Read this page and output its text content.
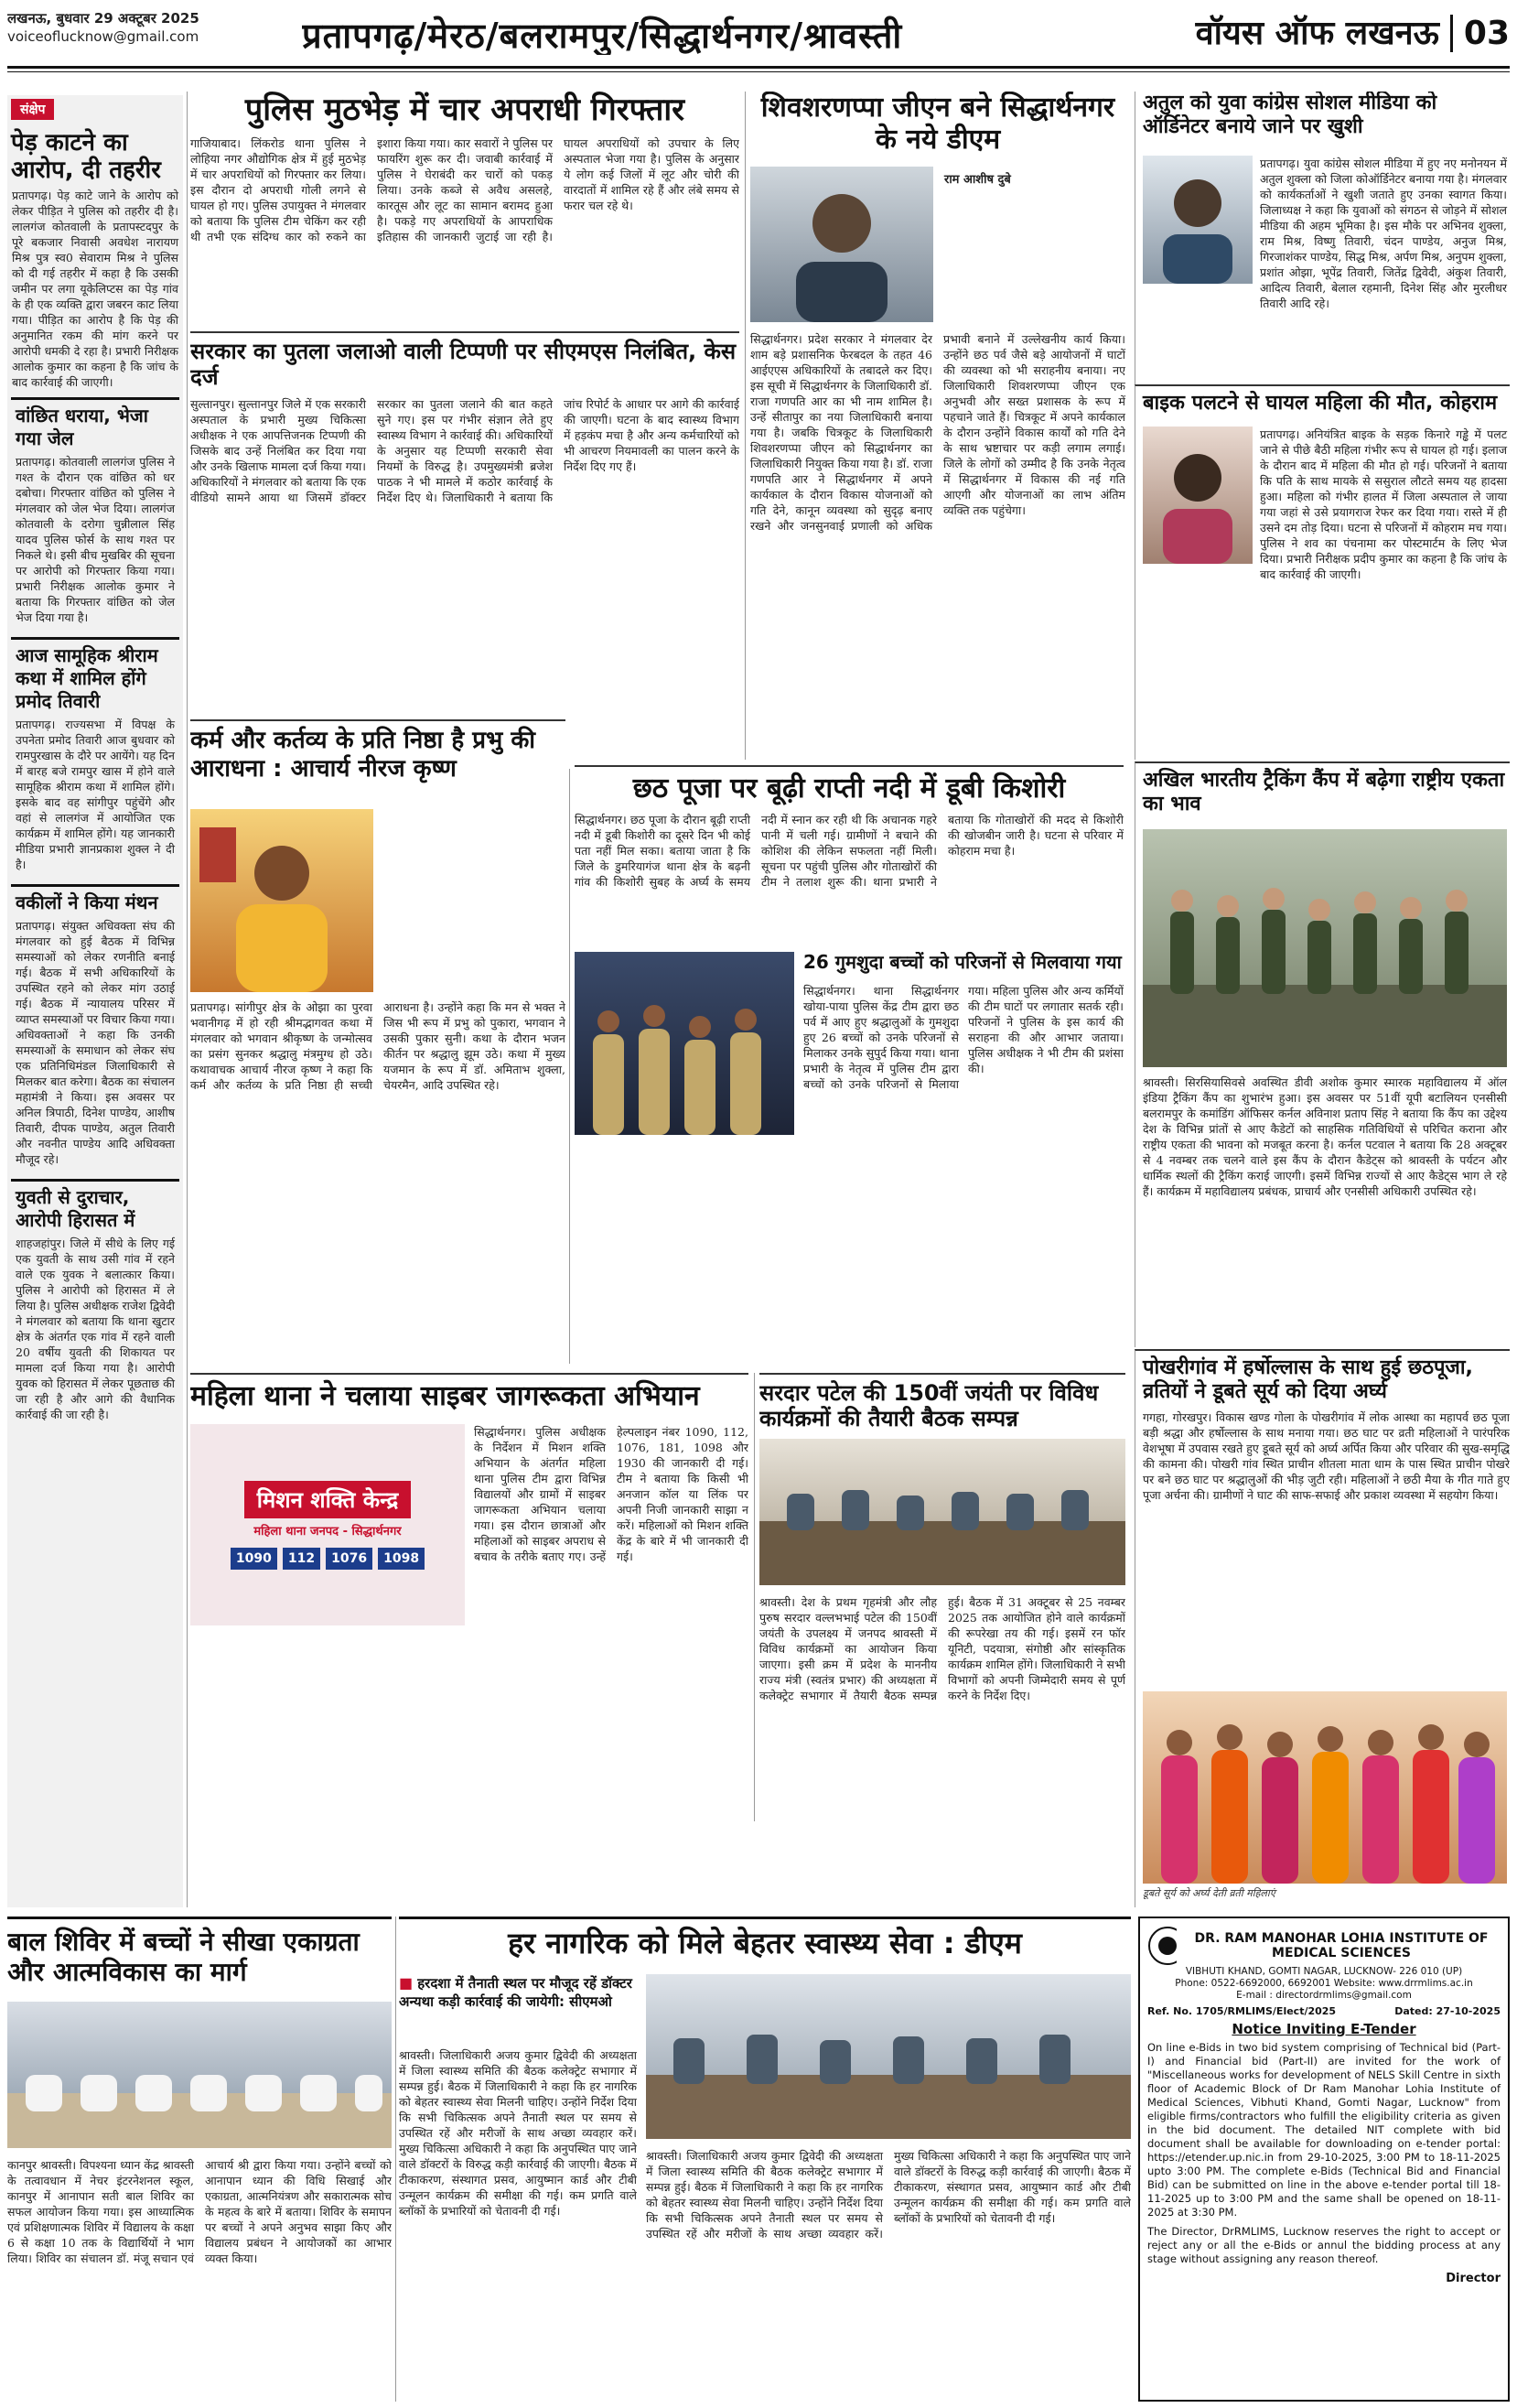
लखनऊ, बुधवार 29 अक्टूबर 2025
voiceoflucknow@gmail.com	प्रतापगढ़/मेरठ/बलरामपुर/सिद्धार्थनगर/श्रावस्ती	वॉयस ऑफ लखनऊ 03
संक्षेप
पेड़ काटने का आरोप, दी तहरीर
प्रतापगढ़। पेड़ काटे जाने के आरोप को लेकर पीड़ित ने पुलिस को तहरीर दी है। लालगंज कोतवाली के प्रतापस्टदपुर के पूरे बकजार निवासी अवधेश नारायण मिश्र पुत्र स्व0 सेवाराम मिश्र ने पुलिस को दी गई तहरीर में कहा है कि उसकी जमीन पर लगा यूकेलिप्टस का पेड़ गांव के ही एक व्यक्ति द्वारा जबरन काट लिया गया। पीड़ित का आरोप है कि पेड़ की अनुमानित रकम की मांग करने पर आरोपी धमकी दे रहा है। प्रभारी निरीक्षक आलोक कुमार का कहना है कि जांच के बाद कार्रवाई की जाएगी।
वांछित धराया, भेजा गया जेल
प्रतापगढ़। कोतवाली लालगंज पुलिस ने गश्त के दौरान एक वांछित को धर दबोचा। गिरफ्तार वांछित को पुलिस ने मंगलवार को जेल भेज दिया। लालगंज कोतवाली के दरोगा चुन्नीलाल सिंह यादव पुलिस फोर्स के साथ गश्त पर निकले थे। इसी बीच मुखबिर की सूचना पर आरोपी को गिरफ्तार किया गया। प्रभारी निरीक्षक आलोक कुमार ने बताया कि गिरफ्तार वांछित को जेल भेज दिया गया है।
आज सामूहिक श्रीराम कथा में शामिल होंगे प्रमोद तिवारी
प्रतापगढ़। राज्यसभा में विपक्ष के उपनेता प्रमोद तिवारी आज बुधवार को रामपुरखास के दौरे पर आयेंगे। यह दिन में बारह बजे रामपुर खास में होने वाले सामूहिक श्रीराम कथा में शामिल होंगे। इसके बाद वह सांगीपुर पहुंचेंगे और वहां से लालगंज में आयोजित एक कार्यक्रम में शामिल होंगे। यह जानकारी मीडिया प्रभारी ज्ञानप्रकाश शुक्ल ने दी है।
वकीलों ने किया मंथन
प्रतापगढ़। संयुक्त अधिवक्ता संघ की मंगलवार को हुई बैठक में विभिन्न समस्याओं को लेकर रणनीति बनाई गई। बैठक में सभी अधिकारियों के उपस्थित रहने को लेकर मांग उठाई गई। बैठक में न्यायालय परिसर में व्याप्त समस्याओं पर विचार किया गया। अधिवक्ताओं ने कहा कि उनकी समस्याओं के समाधान को लेकर संघ एक प्रतिनिधिमंडल जिलाधिकारी से मिलकर बात करेगा। बैठक का संचालन महामंत्री ने किया। इस अवसर पर अनिल त्रिपाठी, दिनेश पाण्डेय, आशीष तिवारी, दीपक पाण्डेय, अतुल तिवारी और नवनीत पाण्डेय आदि अधिवक्ता मौजूद रहे।
युवती से दुराचार, आरोपी हिरासत में
शाहजहांपुर। जिले में सीधे के लिए गई एक युवती के साथ उसी गांव में रहने वाले एक युवक ने बलात्कार किया। पुलिस ने आरोपी को हिरासत में ले लिया है। पुलिस अधीक्षक राजेश द्विवेदी ने मंगलवार को बताया कि थाना खुटार क्षेत्र के अंतर्गत एक गांव में रहने वाली 20 वर्षीय युवती की शिकायत पर मामला दर्ज किया गया है। आरोपी युवक को हिरासत में लेकर पूछताछ की जा रही है और आगे की वैधानिक कार्रवाई की जा रही है।
पुलिस मुठभेड़ में चार अपराधी गिरफ्तार
गाजियाबाद। लिंकरोड थाना पुलिस ने लोहिया नगर औद्योगिक क्षेत्र में हुई मुठभेड़ में चार अपराधियों को गिरफ्तार कर लिया। इस दौरान दो अपराधी गोली लगने से घायल हो गए। पुलिस उपायुक्त ने मंगलवार को बताया कि पुलिस टीम चेकिंग कर रही थी तभी एक संदिग्ध कार को रुकने का इशारा किया गया। कार सवारों ने पुलिस पर फायरिंग शुरू कर दी। जवाबी कार्रवाई में पुलिस ने घेराबंदी कर चारों को पकड़ लिया। उनके कब्जे से अवैध असलहे, कारतूस और लूट का सामान बरामद हुआ है। पकड़े गए अपराधियों के आपराधिक इतिहास की जानकारी जुटाई जा रही है। घायल अपराधियों को उपचार के लिए अस्पताल भेजा गया है। पुलिस के अनुसार ये लोग कई जिलों में लूट और चोरी की वारदातों में शामिल रहे हैं और लंबे समय से फरार चल रहे थे।
सरकार का पुतला जलाओ वाली टिप्पणी पर सीएमएस निलंबित, केस दर्ज
सुल्तानपुर। सुल्तानपुर जिले में एक सरकारी अस्पताल के प्रभारी मुख्य चिकित्सा अधीक्षक ने एक आपत्तिजनक टिप्पणी की जिसके बाद उन्हें निलंबित कर दिया गया और उनके खिलाफ मामला दर्ज किया गया। अधिकारियों ने मंगलवार को बताया कि एक वीडियो सामने आया था जिसमें डॉक्टर सरकार का पुतला जलाने की बात कहते सुने गए। इस पर गंभीर संज्ञान लेते हुए स्वास्थ्य विभाग ने कार्रवाई की। अधिकारियों के अनुसार यह टिप्पणी सरकारी सेवा नियमों के विरुद्ध है। उपमुख्यमंत्री ब्रजेश पाठक ने भी मामले में कठोर कार्रवाई के निर्देश दिए थे। जिलाधिकारी ने बताया कि जांच रिपोर्ट के आधार पर आगे की कार्रवाई की जाएगी। घटना के बाद स्वास्थ्य विभाग में हड़कंप मचा है और अन्य कर्मचारियों को भी आचरण नियमावली का पालन करने के निर्देश दिए गए हैं।
शिवशरणप्पा जीएन बने सिद्धार्थनगर के नये डीएम
राम आशीष दुबे
सिद्धार्थनगर। प्रदेश सरकार ने मंगलवार देर शाम बड़े प्रशासनिक फेरबदल के तहत 46 आईएएस अधिकारियों के तबादले कर दिए। इस सूची में सिद्धार्थनगर के जिलाधिकारी डॉ. राजा गणपति आर का भी नाम शामिल है। उन्हें सीतापुर का नया जिलाधिकारी बनाया गया है। जबकि चित्रकूट के जिलाधिकारी शिवशरणप्पा जीएन को सिद्धार्थनगर का जिलाधिकारी नियुक्त किया गया है। डॉ. राजा गणपति आर ने सिद्धार्थनगर में अपने कार्यकाल के दौरान विकास योजनाओं को गति देने, कानून व्यवस्था को सुदृढ़ बनाए रखने और जनसुनवाई प्रणाली को अधिक प्रभावी बनाने में उल्लेखनीय कार्य किया। उन्होंने छठ पर्व जैसे बड़े आयोजनों में घाटों की व्यवस्था को भी सराहनीय बनाया। नए जिलाधिकारी शिवशरणप्पा जीएन एक अनुभवी और सख्त प्रशासक के रूप में पहचाने जाते हैं। चित्रकूट में अपने कार्यकाल के दौरान उन्होंने विकास कार्यों को गति देने के साथ भ्रष्टाचार पर कड़ी लगाम लगाई। जिले के लोगों को उम्मीद है कि उनके नेतृत्व में सिद्धार्थनगर में विकास की नई गति आएगी और योजनाओं का लाभ अंतिम व्यक्ति तक पहुंचेगा।
अतुल को युवा कांग्रेस सोशल मीडिया को ऑर्डिनेटर बनाये जाने पर खुशी
प्रतापगढ़। युवा कांग्रेस सोशल मीडिया में हुए नए मनोनयन में अतुल शुक्ला को जिला कोऑर्डिनेटर बनाया गया है। मंगलवार को कार्यकर्ताओं ने खुशी जताते हुए उनका स्वागत किया। जिलाध्यक्ष ने कहा कि युवाओं को संगठन से जोड़ने में सोशल मीडिया की अहम भूमिका है। इस मौके पर अभिनव शुक्ला, राम मिश्र, विष्णु तिवारी, चंदन पाण्डेय, अनुज मिश्र, गिरजाशंकर पाण्डेय, सिद्ध मिश्र, अर्पण मिश्र, अनुपम शुक्ला, प्रशांत ओझा, भूपेंद्र तिवारी, जितेंद्र द्विवेदी, अंकुश तिवारी, आदित्य तिवारी, बेलाल रहमानी, दिनेश सिंह और मुरलीधर तिवारी आदि रहे।
बाइक पलटने से घायल महिला की मौत, कोहराम
प्रतापगढ़। अनियंत्रित बाइक के सड़क किनारे गड्ढे में पलट जाने से पीछे बैठी महिला गंभीर रूप से घायल हो गई। इलाज के दौरान बाद में महिला की मौत हो गई। परिजनों ने बताया कि पति के साथ मायके से ससुराल लौटते समय यह हादसा हुआ। महिला को गंभीर हालत में जिला अस्पताल ले जाया गया जहां से उसे प्रयागराज रेफर कर दिया गया। रास्ते में ही उसने दम तोड़ दिया। घटना से परिजनों में कोहराम मच गया। पुलिस ने शव का पंचनामा कर पोस्टमार्टम के लिए भेज दिया। प्रभारी निरीक्षक प्रदीप कुमार का कहना है कि जांच के बाद कार्रवाई की जाएगी।
अखिल भारतीय ट्रैकिंग कैंप में बढ़ेगा राष्ट्रीय एकता का भाव
श्रावस्ती। सिरसियासिवसे अवस्थित डीवी अशोक कुमार स्मारक महाविद्यालय में ऑल इंडिया ट्रैकिंग कैंप का शुभारंभ हुआ। इस अवसर पर 51वीं यूपी बटालियन एनसीसी बलरामपुर के कमांडिंग ऑफिसर कर्नल अविनाश प्रताप सिंह ने बताया कि कैंप का उद्देश्य देश के विभिन्न प्रांतों से आए कैडेटों को साहसिक गतिविधियों से परिचित कराना और राष्ट्रीय एकता की भावना को मजबूत करना है। कर्नल पटवाल ने बताया कि 28 अक्टूबर से 4 नवम्बर तक चलने वाले इस कैंप के दौरान कैडेट्स को श्रावस्ती के पर्यटन और धार्मिक स्थलों की ट्रैकिंग कराई जाएगी। इसमें विभिन्न राज्यों से आए कैडेट्स भाग ले रहे हैं। कार्यक्रम में महाविद्यालय प्रबंधक, प्राचार्य और एनसीसी अधिकारी उपस्थित रहे।
पोखरीगांव में हर्षोल्लास के साथ हुई छठपूजा, व्रतियों ने डूबते सूर्य को दिया अर्घ्य
गगहा, गोरखपुर। विकास खण्ड गोला के पोखरीगांव में लोक आस्था का महापर्व छठ पूजा बड़ी श्रद्धा और हर्षोल्लास के साथ मनाया गया। छठ घाट पर व्रती महिलाओं ने पारंपरिक वेशभूषा में उपवास रखते हुए डूबते सूर्य को अर्घ्य अर्पित किया और परिवार की सुख-समृद्धि की कामना की। पोखरी गांव स्थित प्राचीन शीतला माता धाम के पास स्थित प्राचीन पोखरे पर बने छठ घाट पर श्रद्धालुओं की भीड़ जुटी रही। महिलाओं ने छठी मैया के गीत गाते हुए पूजा अर्चना की। ग्रामीणों ने घाट की साफ-सफाई और प्रकाश व्यवस्था में सहयोग किया।
डूबते सूर्य को अर्घ्य देती व्रती महिलाएं
कर्म और कर्तव्य के प्रति निष्ठा है प्रभु की आराधना : आचार्य नीरज कृष्ण
प्रतापगढ़। सांगीपुर क्षेत्र के ओझा का पुरवा भवानीगढ़ में हो रही श्रीमद्भागवत कथा में मंगलवार को भगवान श्रीकृष्ण के जन्मोत्सव का प्रसंग सुनकर श्रद्धालु मंत्रमुग्ध हो उठे। कथावाचक आचार्य नीरज कृष्ण ने कहा कि कर्म और कर्तव्य के प्रति निष्ठा ही सच्ची आराधना है। उन्होंने कहा कि मन से भक्त ने जिस भी रूप में प्रभु को पुकारा, भगवान ने उसकी पुकार सुनी। कथा के दौरान भजन कीर्तन पर श्रद्धालु झूम उठे। कथा में मुख्य यजमान के रूप में डॉ. अमिताभ शुक्ला, चेयरमैन, आदि उपस्थित रहे।
छठ पूजा पर बूढ़ी राप्ती नदी में डूबी किशोरी
सिद्धार्थनगर। छठ पूजा के दौरान बूढ़ी राप्ती नदी में डूबी किशोरी का दूसरे दिन भी कोई पता नहीं मिल सका। बताया जाता है कि जिले के डुमरियागंज थाना क्षेत्र के बढ़नी गांव की किशोरी सुबह के अर्घ्य के समय नदी में स्नान कर रही थी कि अचानक गहरे पानी में चली गई। ग्रामीणों ने बचाने की कोशिश की लेकिन सफलता नहीं मिली। सूचना पर पहुंची पुलिस और गोताखोरों की टीम ने तलाश शुरू की। थाना प्रभारी ने बताया कि गोताखोरों की मदद से किशोरी की खोजबीन जारी है। घटना से परिवार में कोहराम मचा है।
26 गुमशुदा बच्चों को परिजनों से मिलवाया गया
सिद्धार्थनगर। थाना सिद्धार्थनगर खोया-पाया पुलिस केंद्र टीम द्वारा छठ पर्व में आए हुए श्रद्धालुओं के गुमशुदा हुए 26 बच्चों को उनके परिजनों से मिलाकर उनके सुपुर्द किया गया। थाना प्रभारी के नेतृत्व में पुलिस टीम द्वारा बच्चों को उनके परिजनों से मिलाया गया। महिला पुलिस और अन्य कर्मियों की टीम घाटों पर लगातार सतर्क रही। परिजनों ने पुलिस के इस कार्य की सराहना की और आभार जताया। पुलिस अधीक्षक ने भी टीम की प्रशंसा की।
महिला थाना ने चलाया साइबर जागरूकता अभियान
मिशन शक्ति केन्द्र
महिला थाना जनपद - सिद्धार्थनगर
1090	112	1076	1098
सिद्धार्थनगर। पुलिस अधीक्षक के निर्देशन में मिशन शक्ति अभियान के अंतर्गत महिला थाना पुलिस टीम द्वारा विभिन्न विद्यालयों और ग्रामों में साइबर जागरूकता अभियान चलाया गया। इस दौरान छात्राओं और महिलाओं को साइबर अपराध से बचाव के तरीके बताए गए। उन्हें हेल्पलाइन नंबर 1090, 112, 1076, 181, 1098 और 1930 की जानकारी दी गई। टीम ने बताया कि किसी भी अनजान कॉल या लिंक पर अपनी निजी जानकारी साझा न करें। महिलाओं को मिशन शक्ति केंद्र के बारे में भी जानकारी दी गई।
सरदार पटेल की 150वीं जयंती पर विविध कार्यक्रमों की तैयारी बैठक सम्पन्न
श्रावस्ती। देश के प्रथम गृहमंत्री और लौह पुरुष सरदार वल्लभभाई पटेल की 150वीं जयंती के उपलक्ष्य में जनपद श्रावस्ती में विविध कार्यक्रमों का आयोजन किया जाएगा। इसी क्रम में प्रदेश के माननीय राज्य मंत्री (स्वतंत्र प्रभार) की अध्यक्षता में कलेक्ट्रेट सभागार में तैयारी बैठक सम्पन्न हुई। बैठक में 31 अक्टूबर से 25 नवम्बर 2025 तक आयोजित होने वाले कार्यक्रमों की रूपरेखा तय की गई। इसमें रन फॉर यूनिटी, पदयात्रा, संगोष्ठी और सांस्कृतिक कार्यक्रम शामिल होंगे। जिलाधिकारी ने सभी विभागों को अपनी जिम्मेदारी समय से पूर्ण करने के निर्देश दिए।
बाल शिविर में बच्चों ने सीखा एकाग्रता और आत्मविकास का मार्ग
कानपुर श्रावस्ती। विपश्यना ध्यान केंद्र श्रावस्ती के तत्वावधान में नेचर इंटरनेशनल स्कूल, कानपुर में आनापान सती बाल शिविर का सफल आयोजन किया गया। इस आध्यात्मिक एवं प्रशिक्षणात्मक शिविर में विद्यालय के कक्षा 6 से कक्षा 10 तक के विद्यार्थियों ने भाग लिया। शिविर का संचालन डॉ. मंजू सचान एवं आचार्य श्री द्वारा किया गया। उन्होंने बच्चों को आनापान ध्यान की विधि सिखाई और एकाग्रता, आत्मनियंत्रण और सकारात्मक सोच के महत्व के बारे में बताया। शिविर के समापन पर बच्चों ने अपने अनुभव साझा किए और विद्यालय प्रबंधन ने आयोजकों का आभार व्यक्त किया।
हर नागरिक को मिले बेहतर स्वास्थ्य सेवा : डीएम
■ हरदशा में तैनाती स्थल पर मौजूद रहें डॉक्टर अन्यथा कड़ी कार्रवाई की जायेगी: सीएमओ
श्रावस्ती। जिलाधिकारी अजय कुमार द्विवेदी की अध्यक्षता में जिला स्वास्थ्य समिति की बैठक कलेक्ट्रेट सभागार में सम्पन्न हुई। बैठक में जिलाधिकारी ने कहा कि हर नागरिक को बेहतर स्वास्थ्य सेवा मिलनी चाहिए। उन्होंने निर्देश दिया कि सभी चिकित्सक अपने तैनाती स्थल पर समय से उपस्थित रहें और मरीजों के साथ अच्छा व्यवहार करें। मुख्य चिकित्सा अधिकारी ने कहा कि अनुपस्थित पाए जाने वाले डॉक्टरों के विरुद्ध कड़ी कार्रवाई की जाएगी। बैठक में टीकाकरण, संस्थागत प्रसव, आयुष्मान कार्ड और टीबी उन्मूलन कार्यक्रम की समीक्षा की गई। कम प्रगति वाले ब्लॉकों के प्रभारियों को चेतावनी दी गई।
श्रावस्ती। जिलाधिकारी अजय कुमार द्विवेदी की अध्यक्षता में जिला स्वास्थ्य समिति की बैठक कलेक्ट्रेट सभागार में सम्पन्न हुई। बैठक में जिलाधिकारी ने कहा कि हर नागरिक को बेहतर स्वास्थ्य सेवा मिलनी चाहिए। उन्होंने निर्देश दिया कि सभी चिकित्सक अपने तैनाती स्थल पर समय से उपस्थित रहें और मरीजों के साथ अच्छा व्यवहार करें। मुख्य चिकित्सा अधिकारी ने कहा कि अनुपस्थित पाए जाने वाले डॉक्टरों के विरुद्ध कड़ी कार्रवाई की जाएगी। बैठक में टीकाकरण, संस्थागत प्रसव, आयुष्मान कार्ड और टीबी उन्मूलन कार्यक्रम की समीक्षा की गई। कम प्रगति वाले ब्लॉकों के प्रभारियों को चेतावनी दी गई।
DR. RAM MANOHAR LOHIA INSTITUTE OF MEDICAL SCIENCES
VIBHUTI KHAND, GOMTI NAGAR, LUCKNOW- 226 010 (UP)
Phone: 0522-6692000, 6692001 Website: www.drrmlims.ac.in
E-mail : directordrmlims@gmail.com
Ref. No. 1705/RMLIMS/Elect/2025	Dated: 27-10-2025
Notice Inviting E-Tender
On line e-Bids in two bid system comprising of Technical bid (Part-I) and Financial bid (Part-II) are invited for the work of "Miscellaneous works for development of NELS Skill Centre in sixth floor of Academic Block of Dr Ram Manohar Lohia Institute of Medical Sciences, Vibhuti Khand, Gomti Nagar, Lucknow" from eligible firms/contractors who fulfill the eligibility criteria as given in the bid document. The detailed NIT complete with bid document shall be available for downloading on e-tender portal: https://etender.up.nic.in from 29-10-2025, 3:00 PM to 18-11-2025 upto 3:00 PM. The complete e-Bids (Technical Bid and Financial Bid) can be submitted on line in the above e-tender portal till 18-11-2025 up to 3:00 PM and the same shall be opened on 18-11-2025 at 3:30 PM.
The Director, DrRMLIMS, Lucknow reserves the right to accept or reject any or all the e-Bids or annul the bidding process at any stage without assigning any reason thereof.
Director
